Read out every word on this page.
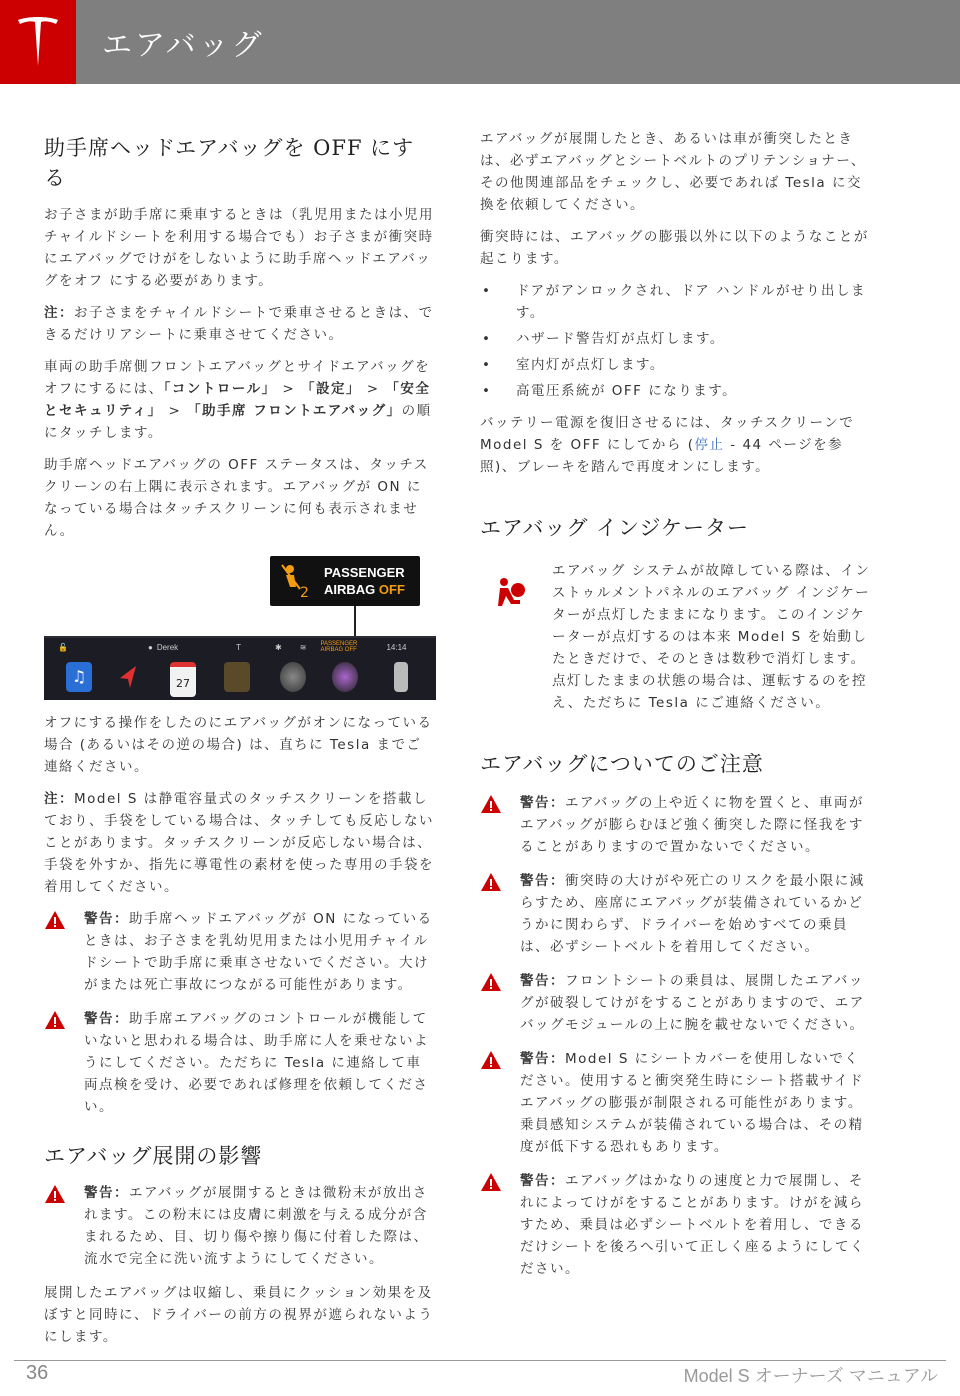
エアバッグ
助手席ヘッドエアバッグを OFF にする

お子さまが助手席に乗車するときは（乳児用または小児用チャイルドシートを利用する場合でも）お子さまが衝突時にエアバッグでけがをしないように助手席ヘッドエアバッグをオフ にする必要があります。

注：お子さまをチャイルドシートで乗車させるときは、できるだけリアシートに乗車させてください。

車両の助手席側フロントエアバッグとサイドエアバッグをオフにするには、「コントロール」 > 「設定」 > 「安全とセキュリティ」 > 「助手席 フロントエアバッグ」の順にタッチします。

助手席ヘッドエアバッグの OFF ステータスは、タッチスクリーンの右上隅に表示されます。エアバッグが ON になっている場合はタッチスクリーンに何も表示されません。

2
PASSENGER
AIRBAG OFF
🔓	● Derek	T	✱ ≋ PASSENGER AIRBAG OFF	14:14
♫	27

オフにする操作をしたのにエアバッグがオンになっている場合 (あるいはその逆の場合) は、直ちに Tesla までご連絡ください。

注：Model S は静電容量式のタッチスクリーンを搭載しており、手袋をしている場合は、タッチしても反応しないことがあります。タッチスクリーンが反応しない場合は、手袋を外すか、指先に導電性の素材を使った専用の手袋を着用してください。

警告：助手席ヘッドエアバッグが ON になっているときは、お子さまを乳幼児用または小児用チャイルドシートで助手席に乗車させないでください。大けがまたは死亡事故につながる可能性があります。

警告：助手席エアバッグのコントロールが機能していないと思われる場合は、助手席に人を乗せないようにしてください。ただちに Tesla に連絡して車両点検を受け、必要であれば修理を依頼してください。

エアバッグ展開の影響

警告：エアバッグが展開するときは微粉末が放出されます。この粉末には皮膚に刺激を与える成分が含まれるため、目、切り傷や擦り傷に付着した際は、流水で完全に洗い流すようにしてください。

展開したエアバッグは収縮し、乗員にクッション効果を及ぼすと同時に、ドライバーの前方の視界が遮られないようにします。

エアバッグが展開したとき、あるいは車が衝突したときは、必ずエアバッグとシートベルトのプリテンショナー、その他関連部品をチェックし、必要であれば Tesla に交換を依頼してください。

衝突時には、エアバッグの膨張以外に以下のようなことが起こります。

• ドアがアンロックされ、ドア ハンドルがせり出します。
• ハザード警告灯が点灯します。
• 室内灯が点灯します。
• 高電圧系統が OFF になります。

バッテリー電源を復旧させるには、タッチスクリーンで Model S を OFF にしてから (停止 - 44 ページを参照)、ブレーキを踏んで再度オンにします。

エアバッグ インジケーター

エアバッグ システムが故障している際は、インストゥルメントパネルのエアバッグ インジケーターが点灯したままになります。このインジケーターが点灯するのは本来 Model S を始動したときだけで、そのときは数秒で消灯します。点灯したままの状態の場合は、運転するのを控え、ただちに Tesla にご連絡ください。

エアバッグについてのご注意

警告：エアバッグの上や近くに物を置くと、車両がエアバッグが膨らむほど強く衝突した際に怪我をすることがありますので置かないでください。

警告：衝突時の大けがや死亡のリスクを最小限に減らすため、座席にエアバッグが装備されているかどうかに関わらず、ドライバーを始めすべての乗員は、必ずシートベルトを着用してください。

警告：フロントシートの乗員は、展開したエアバッグが破裂してけがをすることがありますので、エアバッグモジュールの上に腕を載せないでください。

警告：Model S にシートカバーを使用しないでください。使用すると衝突発生時にシート搭載サイド エアバッグの膨張が制限される可能性があります。乗員感知システムが装備されている場合は、その精度が低下する恐れもあります。

警告：エアバッグはかなりの速度と力で展開し、それによってけがをすることがあります。けがを減らすため、乗員は必ずシートベルトを着用し、できるだけシートを後ろへ引いて正しく座るようにしてください。

36	Model S オーナーズ マニュアル
